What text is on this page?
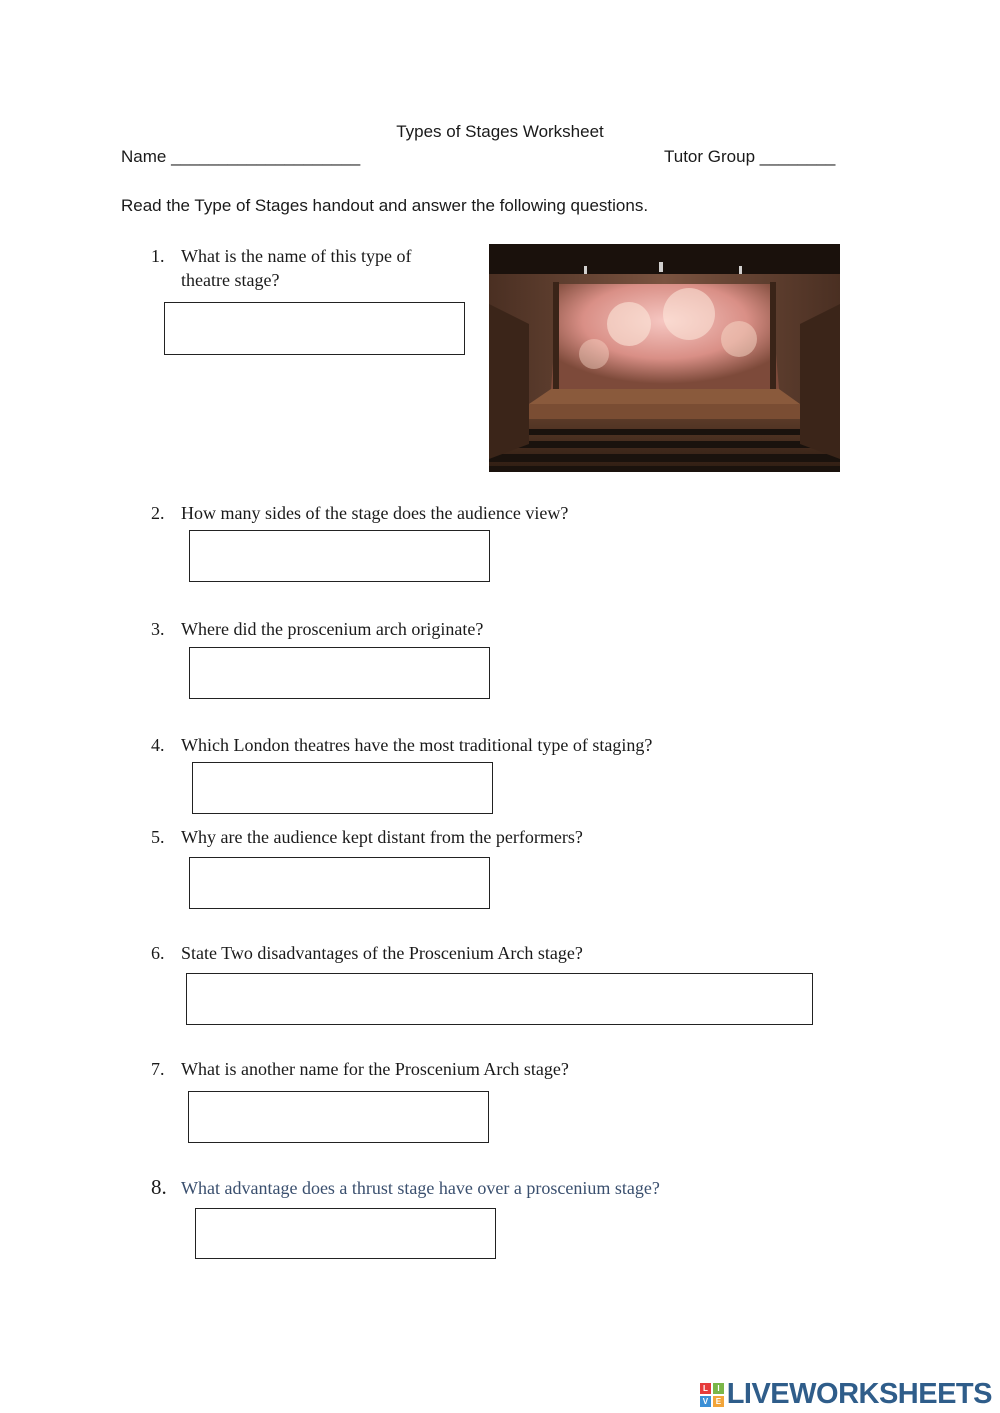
Types of Stages Worksheet
Name ____________________	Tutor Group ________
Read the Type of Stages handout and answer the following questions.
1. What is the name of this type of theatre stage?
2. How many sides of the stage does the audience view?
3. Where did the proscenium arch originate?
4. Which London theatres have the most traditional type of staging?
5. Why are the audience kept distant from the performers?
6. State Two disadvantages of the Proscenium Arch stage?
7. What is another name for the Proscenium Arch stage?
8. What advantage does a thrust stage have over a proscenium stage?
L	I
V	E LIVEWORKSHEETS
